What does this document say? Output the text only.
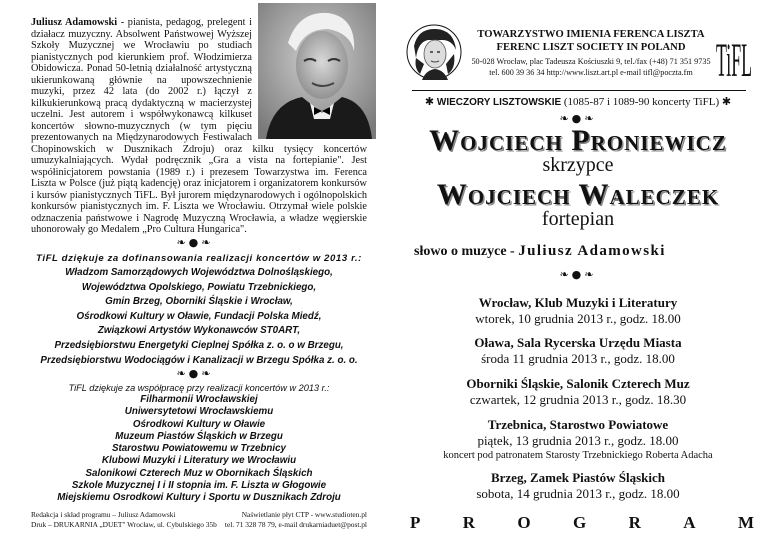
Juliusz Adamowski - pianista, pedagog, prelegent i działacz muzyczny. Absolwent Państwowej Wyższej Szkoły Muzycznej we Wrocławiu po studiach pianistycznych pod kierunkiem prof. Włodzimierza Obidowicza. Ponad 50-letnią działalność artystyczną ukierunkowaną głównie na upowszechnienie muzyki, przez 42 lata (do 2002 r.) łączył z kilkukierunkową pracą dydaktyczną w macierzystej uczelni. Jest autorem i współwykonawcą kilkuset koncertów słowno-muzycznych (w tym pięciu prezentowanych na Międzynarodowych Festiwalach Chopinowskich w Dusznikach Zdroju) oraz kilku tysięcy koncertów umuzykalniających. Wydał podręcznik „Gra a vista na fortepianie". Jest współinicjatorem powstania (1989 r.) i prezesem Towarzystwa im. Ferenca Liszta w Polsce (już piątą kadencję) oraz inicjatorem i organizatorem konkursów i kursów pianistycznych TiFL. Był jurorem międzynarodowych i ogólnopolskich konkursów pianistycznych im. F. Liszta we Wrocławiu. Otrzymał wiele polskie odznaczenia państwowe i Nagrodę Muzyczną Wrocławia, a władze węgierskie uhonorowały go Medalem „Pro Cultura Hungarica".
❧●❧
TiFL dziękuje za dofinansowania realizacji koncertów w 2013 r.:
Władzom Samorządowych Województwa Dolnośląskiego,
Województwa Opolskiego, Powiatu Trzebnickiego,
Gmin Brzeg, Oborniki Śląskie i Wrocław,
Ośrodkowi Kultury w Oławie, Fundacji Polska Miedź,
Związkowi Artystów Wykonawców ST0ART,
Przedsiębiorstwu Energetyki Cieplnej Spółka z. o. o w Brzegu,
Przedsiębiorstwu Wodociągów i Kanalizacji w Brzegu Spółka z. o. o.
❧●❧
TiFL dziękuje za współpracę przy realizacji koncertów w 2013 r.:
Filharmonii Wrocławskiej
Uniwersytetowi Wrocławskiemu
Ośrodkowi Kultury w Oławie
Muzeum Piastów Śląskich w Brzegu
Starostwu Powiatowemu w Trzebnicy
Klubowi Muzyki i Literatury we Wrocławiu
Salonikowi Czterech Muz w Obornikach Śląskich
Szkole Muzycznej I i II stopnia im. F. Liszta w Głogowie
Miejskiemu Osrodkowi Kultury i Sportu w Dusznikach Zdroju
Redakcja i skład programu – Juliusz Adamowski	Naświetlanie płyt CTP - www.studioten.pl
Druk – DRUKARNIA „DUET" Wrocław, ul. Cybulskiego 35b tel. 71 328 78 79, e-mail drukarniaduet@post.pl
TOWARZYSTWO IMIENIA FERENCA LISZTA
FERENC LISZT SOCIETY IN POLAND
50-028 Wrocław, plac Tadeusza Kościuszki 9, tel./fax (+48) 71 351 9735
tel. 600 39 36 34 http://www.liszt.art.pl e-mail tifl@poczta.fm TiFL
✱ WIECZORY LISZTOWSKIE (1085-87 i 1089-90 koncerty TiFL) ✱
❧●❧
Wojciech Proniewicz
skrzypce
Wojciech Waleczek
fortepian
słowo o muzyce - Juliusz Adamowski
❧●❧
Wrocław, Klub Muzyki i Literatury
wtorek, 10 grudnia 2013 r., godz. 18.00
Oława, Sala Rycerska Urzędu Miasta
środa 11 grudnia 2013 r., godz. 18.00
Oborniki Śląskie, Salonik Czterech Muz
czwartek, 12 grudnia 2013 r., godz. 18.30
Trzebnica, Starostwo Powiatowe
piątek, 13 grudnia 2013 r., godz. 18.00
koncert pod patronatem Starosty Trzebnickiego Roberta Adacha
Brzeg, Zamek Piastów Śląskich
sobota, 14 grudnia 2013 r., godz. 18.00
P R O G R A M
